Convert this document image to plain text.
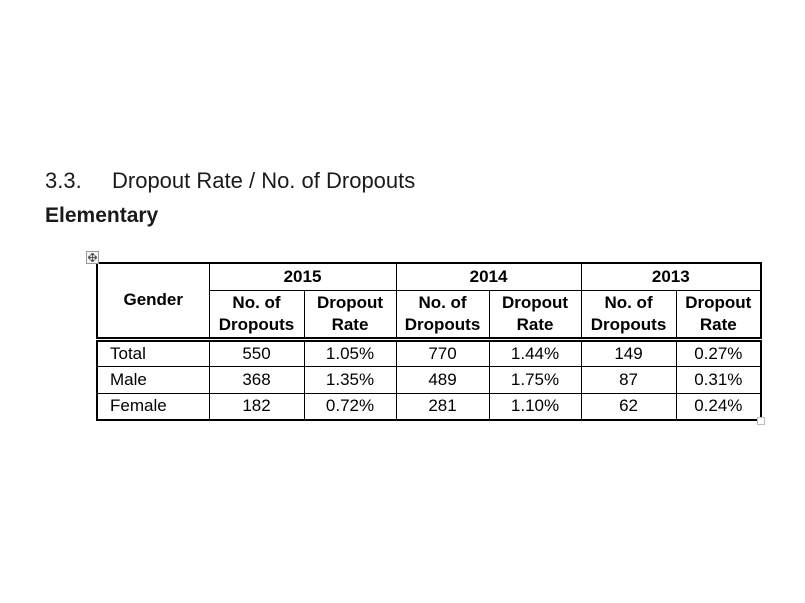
3.3. Dropout Rate / No. of Dropouts
Elementary
Gender	2015		2014		2013	
	No. of Dropouts	Dropout Rate	No. of Dropouts	Dropout Rate	No. of Dropouts	Dropout Rate
Total	550	1.05%	770	1.44%	149	0.27%
Male	368	1.35%	489	1.75%	87	0.31%
Female	182	0.72%	281	1.10%	62	0.24%
